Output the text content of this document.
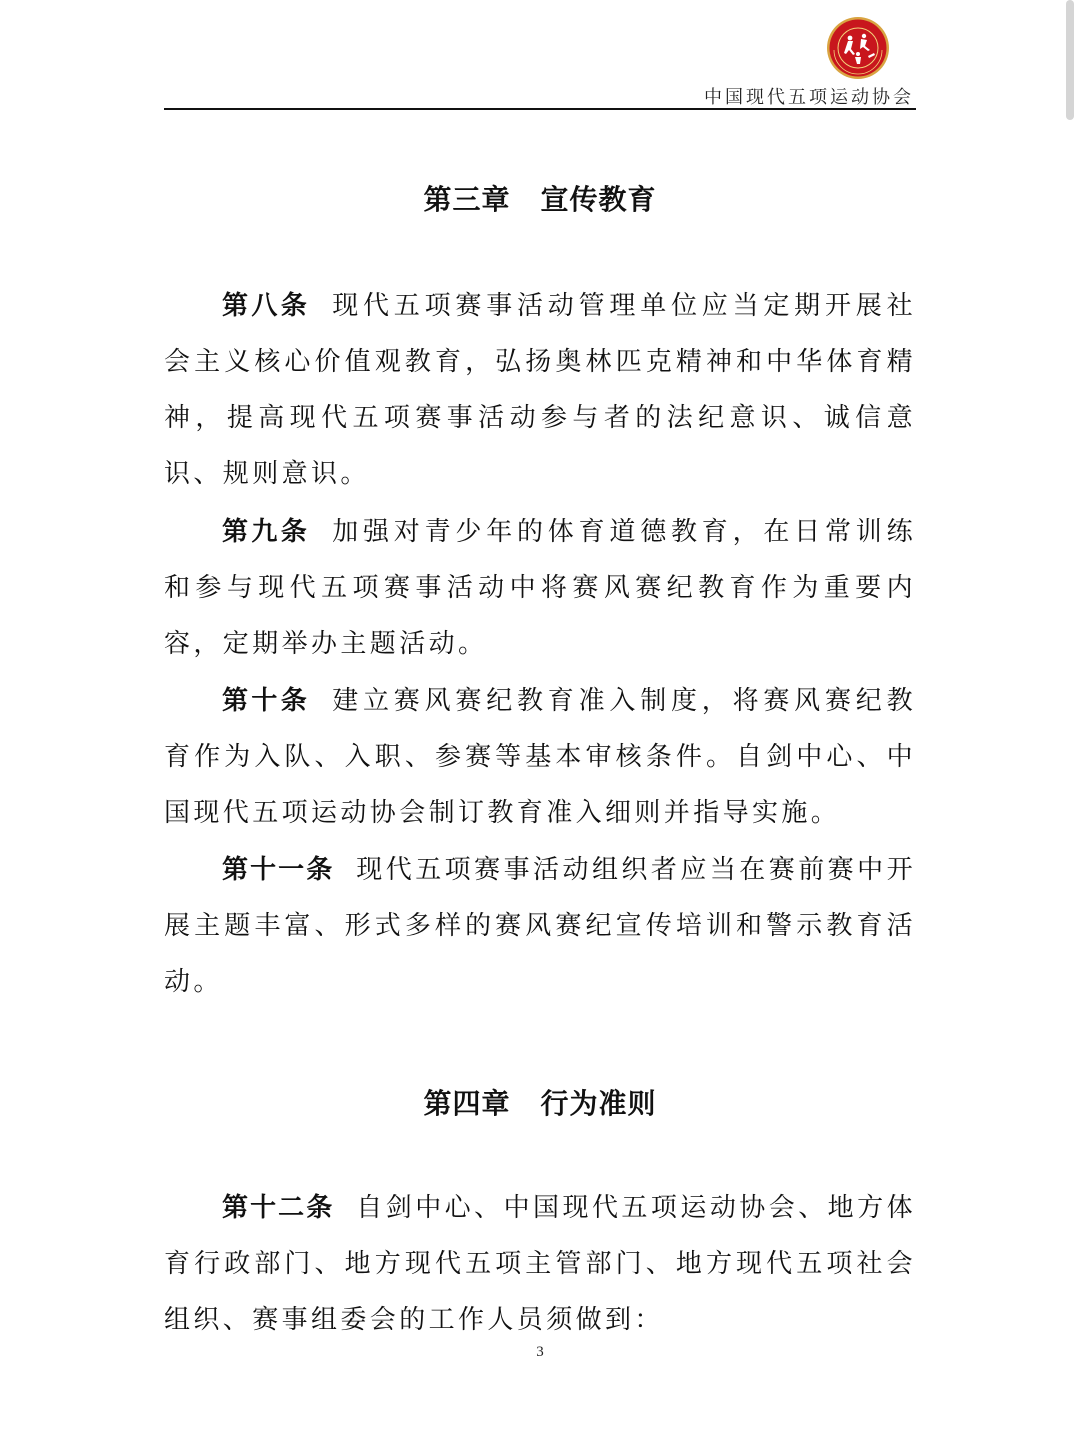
中国现代五项运动协会
第三章 宣传教育

第八条 现代五项赛事活动管理单位应当定期开展社会主义核心价值观教育，弘扬奥林匹克精神和中华体育精神，提高现代五项赛事活动参与者的法纪意识、诚信意识、规则意识。

第九条 加强对青少年的体育道德教育，在日常训练和参与现代五项赛事活动中将赛风赛纪教育作为重要内容，定期举办主题活动。

第十条 建立赛风赛纪教育准入制度，将赛风赛纪教育作为入队、入职、参赛等基本审核条件。自剑中心、中国现代五项运动协会制订教育准入细则并指导实施。

第十一条 现代五项赛事活动组织者应当在赛前赛中开展主题丰富、形式多样的赛风赛纪宣传培训和警示教育活动。

第四章 行为准则

第十二条 自剑中心、中国现代五项运动协会、地方体育行政部门、地方现代五项主管部门、地方现代五项社会组织、赛事组委会的工作人员须做到：

3
